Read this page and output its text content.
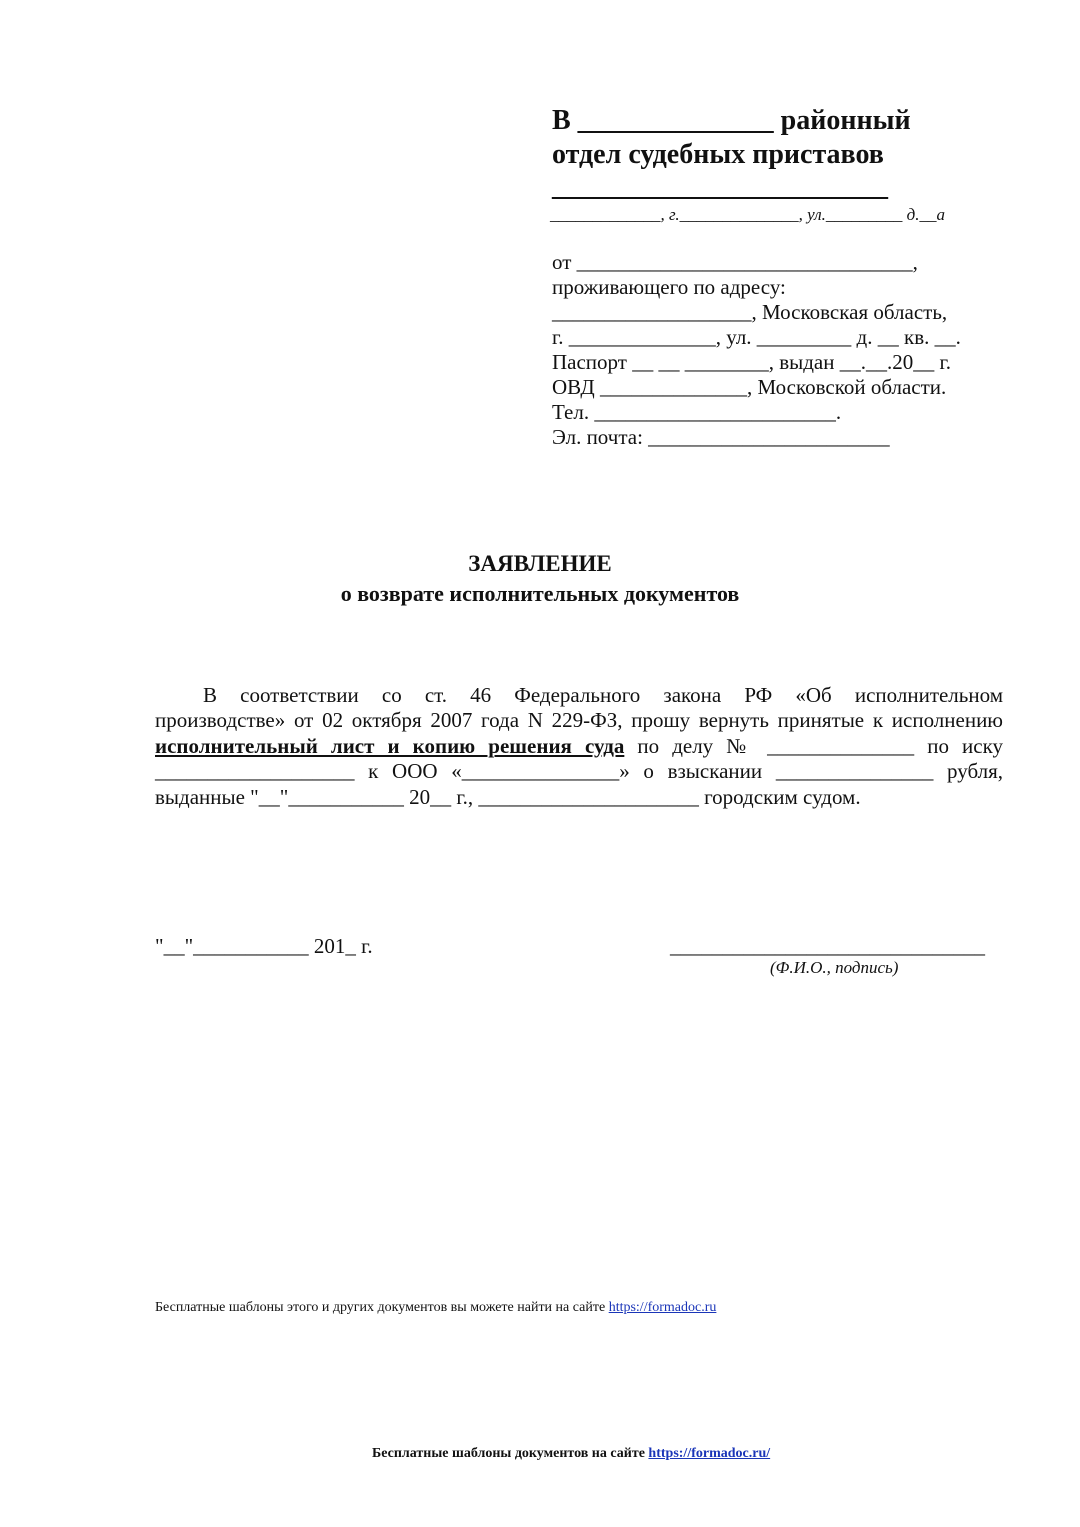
В ______________ районный
отдел судебных приставов
________________________
_____________, г.______________, ул._________ д.__а
от ________________________________,
проживающего по адресу:
___________________, Московская область,
г. ______________, ул. _________ д. __ кв. __.
Паспорт __ __ ________, выдан __.__.20__ г.
ОВД ______________, Московской области.
Тел. _______________________.
Эл. почта: _______________________
ЗАЯВЛЕНИЕ
о возврате исполнительных документов
В соответствии со ст. 46 Федерального закона РФ «Об исполнительном
производстве» от 02 октября 2007 года N 229-ФЗ, прошу вернуть принятые к исполнению
исполнительный лист и копию решения суда по делу № ______________ по иску
___________________ к ООО «_______________» о взыскании _______________ рубля,
выданные "__"___________ 20__ г., _____________________ городским судом.
"__"___________ 201_ г.	______________________________
(Ф.И.О., подпись)
Бесплатные шаблоны этого и других документов вы можете найти на сайте https://formadoc.ru
Бесплатные шаблоны документов на сайте https://formadoc.ru/
